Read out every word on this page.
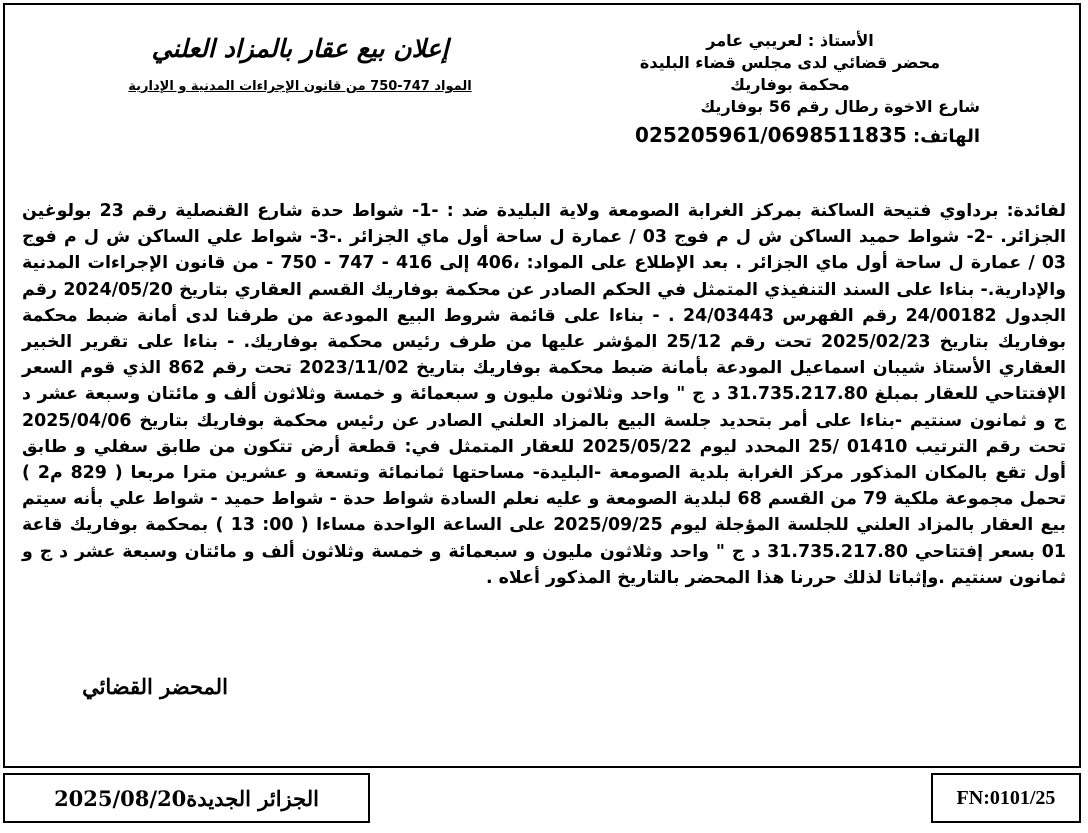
إعلان بيع عقار بالمزاد العلني
المواد 747-750 من قانون الإجراءات المدنية و الإدارية
الأستاذ : لعريبي عامر
محضر قضائي لدى مجلس قضاء البليدة
محكمة بوفاريك
شارع الاخوة رطال رقم 56 بوفاريك
الهاتف: 025205961/0698511835
لفائدة: برداوي فتيحة الساكنة بمركز الغرابة الصومعة ولاية البليدة ضد : -1- شواط حدة شارع القنصلية رقم 23 بولوغين الجزائر. -2- شواط حميد الساكن ش ل م فوج 03 / عمارة ل ساحة أول ماي الجزائر .-3- شواط علي الساكن ش ل م فوج 03 / عمارة ل ساحة أول ماي الجزائر . بعد الإطلاع على المواد: ،406 إلى 416 - 747 - 750 - من قانون الإجراءات المدنية والإدارية.- بناءا على السند التنفيذي المتمثل في الحكم الصادر عن محكمة بوفاريك القسم العقاري بتاريخ 2024/05/20 رقم الجدول 24/00182 رقم الفهرس 24/03443 . - بناءا على قائمة شروط البيع المودعة من طرفنا لدى أمانة ضبط محكمة بوفاريك بتاريخ 2025/02/23 تحت رقم 25/12 المؤشر عليها من طرف رئيس محكمة بوفاريك. - بناءا على تقرير الخبير العقاري الأستاذ شيبان اسماعيل المودعة بأمانة ضبط محكمة بوفاريك بتاريخ 2023/11/02 تحت رقم 862 الذي قوم السعر الإفتتاحي للعقار بمبلغ 31.735.217.80 د ج " واحد وثلاثون مليون و سبعمائة و خمسة وثلاثون ألف و مائتان وسبعة عشر د ج و ثمانون سنتيم -بناءا على أمر بتحديد جلسة البيع بالمزاد العلني الصادر عن رئيس محكمة بوفاريك بتاريخ 2025/04/06 تحت رقم الترتيب 01410 /25 المحدد ليوم 2025/05/22 للعقار المتمثل في: قطعة أرض تتكون من طابق سفلي و طابق أول تقع بالمكان المذكور مركز الغرابة بلدية الصومعة -البليدة- مساحتها ثمانمائة وتسعة و عشرين مترا مربعا ( 829 م2 ) تحمل مجموعة ملكية 79 من القسم 68 لبلدية الصومعة و عليه نعلم السادة شواط حدة - شواط حميد - شواط علي بأنه سيتم بيع العقار بالمزاد العلني للجلسة المؤجلة ليوم 2025/09/25 على الساعة الواحدة مساءا ( 00: 13 ) بمحكمة بوفاريك قاعة 01 بسعر إفتتاحي 31.735.217.80 د ج " واحد وثلاثون مليون و سبعمائة و خمسة وثلاثون ألف و مائتان وسبعة عشر د ج و ثمانون سنتيم .وإثباتا لذلك حررنا هذا المحضر بالتاريخ المذكور أعلاه .
المحضر القضائي
الجزائر الجديدة2025/08/20	FN:0101/25
